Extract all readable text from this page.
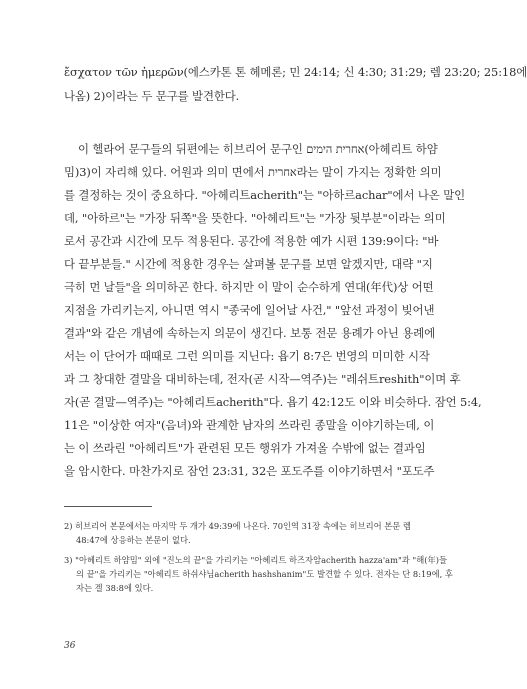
ἔσχατον τῶν ἡμερῶν(에스카톤 톤 헤메론; 민 24:14; 신 4:30; 31:29; 렘 23:20; 25:18에
나옴) 2)이라는 두 문구를 발견한다.
이 헬라어 문구들의 뒤편에는 히브리어 문구인 אחרית הימים(아헤리트 하얌
밈)3)이 자리해 있다. 어원과 의미 면에서 אחרית라는 말이 가지는 정확한 의미
를 결정하는 것이 중요하다. "아헤리트acherith"는 "아하르achar"에서 나온 말인
데, "아하르"는 "가장 뒤쪽"을 뜻한다. "아헤리트"는 "가장 뒷부분"이라는 의미
로서 공간과 시간에 모두 적용된다. 공간에 적용한 예가 시편 139:9이다: "바
다 끝부분들." 시간에 적용한 경우는 살펴볼 문구를 보면 알겠지만, 대략 "지
극히 먼 날들"을 의미하곤 한다. 하지만 이 말이 순수하게 연대(年代)상 어떤
지점을 가리키는지, 아니면 역시 "종국에 일어날 사건," "앞선 과정이 빚어낸
결과"와 같은 개념에 속하는지 의문이 생긴다. 보통 전문 용례가 아닌 용례에
서는 이 단어가 때때로 그런 의미를 지닌다: 욥기 8:7은 번영의 미미한 시작
과 그 창대한 결말을 대비하는데, 전자(곧 시작—역주)는 "레쉬트reshith"이며 후
자(곧 결말—역주)는 "아헤리트acherith"다. 욥기 42:12도 이와 비슷하다. 잠언 5:4,
11은 "이상한 여자"(음녀)와 관계한 남자의 쓰라린 종말을 이야기하는데, 이
는 이 쓰라린 "아헤리트"가 관련된 모든 행위가 가져올 수밖에 없는 결과임
을 암시한다. 마찬가지로 잠언 23:31, 32은 포도주를 이야기하면서 "포도주
2) 히브리어 본문에서는 마지막 두 개가 49:39에 나온다. 70인역 31장 속에는 히브리어 본문 렘
48:47에 상응하는 본문이 없다.
3) "아헤리트 하얌밈" 외에 "진노의 끝"을 가리키는 "아헤리트 하즈자암acherith hazza'am"과 "해(年)들
의 끝"을 가리키는 "아헤리트 하쉬샤님acherith hashshanim"도 발견할 수 있다. 전자는 단 8:19에, 후
자는 겔 38:8에 있다.
36
